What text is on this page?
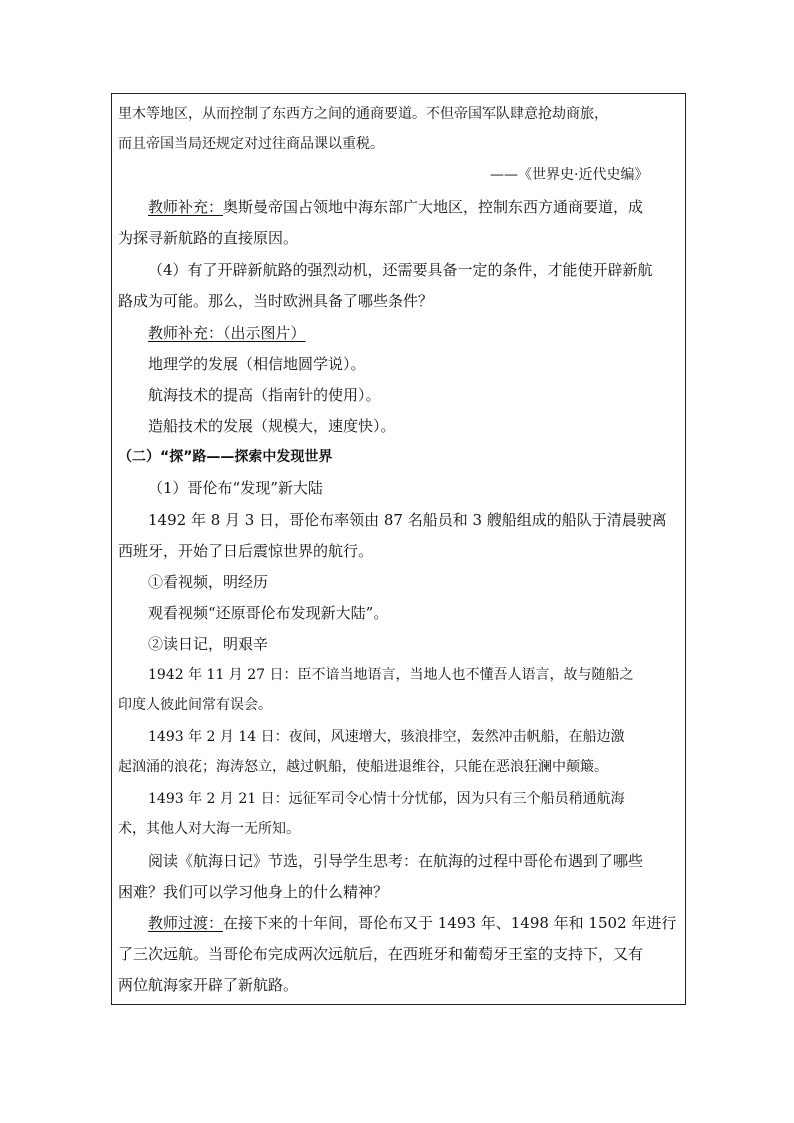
里木等地区，从而控制了东西方之间的通商要道。不但帝国军队肆意抢劫商旅，
而且帝国当局还规定对过往商品课以重税。
——《世界史·近代史编》
教师补充：奥斯曼帝国占领地中海东部广大地区，控制东西方通商要道，成
为探寻新航路的直接原因。
（4）有了开辟新航路的强烈动机，还需要具备一定的条件，才能使开辟新航
路成为可能。那么，当时欧洲具备了哪些条件？
教师补充：（出示图片）
地理学的发展（相信地圆学说）。
航海技术的提高（指南针的使用）。
造船技术的发展（规模大，速度快）。
（二）“探”路——探索中发现世界
（1）哥伦布“发现”新大陆
1492 年 8 月 3 日，哥伦布率领由 87 名船员和 3 艘船组成的船队于清晨驶离
西班牙，开始了日后震惊世界的航行。
①看视频，明经历
观看视频“还原哥伦布发现新大陆”。
②读日记，明艰辛
1942 年 11 月 27 日：臣不谙当地语言，当地人也不懂吾人语言，故与随船之
印度人彼此间常有误会。
1493 年 2 月 14 日：夜间，风速增大，骇浪排空，轰然冲击帆船，在船边激
起汹涌的浪花；海涛怒立，越过帆船，使船进退维谷，只能在恶浪狂澜中颠簸。
1493 年 2 月 21 日：远征军司令心情十分忧郁，因为只有三个船员稍通航海
术，其他人对大海一无所知。
阅读《航海日记》节选，引导学生思考：在航海的过程中哥伦布遇到了哪些
困难？我们可以学习他身上的什么精神？
教师过渡：在接下来的十年间，哥伦布又于 1493 年、1498 年和 1502 年进行
了三次远航。当哥伦布完成两次远航后，在西班牙和葡萄牙王室的支持下，又有
两位航海家开辟了新航路。
